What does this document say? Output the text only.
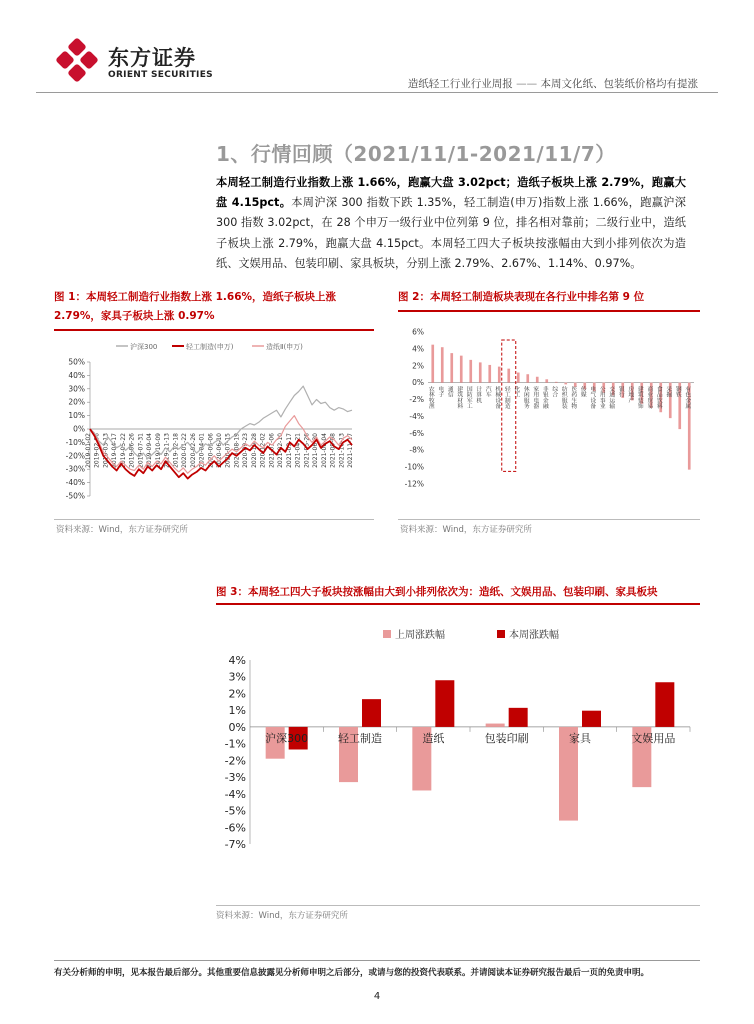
东方证券
ORIENT SECURITIES
造纸轻工行业行业周报 —— 本周文化纸、包装纸价格均有提涨
1、行情回顾（2021/11/1-2021/11/7）
本周轻工制造行业指数上涨 1.66%，跑赢大盘 3.02pct；造纸子板块上涨 2.79%，跑赢大盘 4.15pct。本周沪深 300 指数下跌 1.35%，轻工制造(申万)指数上涨 1.66%，跑赢沪深 300 指数 3.02pct，在 28 个申万一级行业中位列第 9 位，排名相对靠前；二级行业中，造纸子板块上涨 2.79%，跑赢大盘 4.15pct。本周轻工四大子板块按涨幅由大到小排列依次为造纸、文娱用品、包装印刷、家具板块，分别上涨 2.79%、2.67%、1.14%、0.97%。
图 1：本周轻工制造行业指数上涨 1.66%，造纸子板块上涨 2.79%，家具子板块上涨 0.97%
沪深300	轻工制造(申万)	造纸Ⅱ(申万)
50%
40%
30%
20%
10%
0%
-10%
-20%
-30%
-40%
-50%
2019-01-02 2019-02-06 2019-03-13 2019-04-17 2019-05-22 2019-06-26 2019-07-31 2019-09-04 2019-10-09 2019-11-13 2019-12-18 2020-01-22 2020-02-26 2020-04-01 2020-05-06 2020-06-10 2020-07-15 2020-08-19 2020-09-23 2020-10-28 2020-12-02 2021-01-06 2021-02-10 2021-03-17 2021-04-21 2021-05-26 2021-06-30 2021-08-04 2021-09-08 2021-10-13 2021-11-17
资料来源：Wind，东方证券研究所
图 2：本周轻工制造板块表现在各行业中排名第 9 位
6%
4%
2%
0%
-2%
-4%
-6%
-8%
-10%
-12%
农林牧渔 电子 通信 建筑材料 国防军工 计算机 汽车 机械设备 轻工制造 化工 休闲服务 家用电器 非银金融 综合 纺织服装 医药生物 传媒 电气设备 公用事业 交通运输 银行 房地产 建筑装饰 商业贸易 食品饮料 采掘 钢铁 有色金属
资料来源：Wind，东方证券研究所
图 3：本周轻工四大子板块按涨幅由大到小排列依次为：造纸、文娱用品、包装印刷、家具板块
上周涨跌幅	本周涨跌幅
4%
3%
2%
1%
0%
-1%
-2%
-3%
-4%
-5%
-6%
-7%
沪深300	轻工制造	造纸	包装印刷	家具	文娱用品
资料来源：Wind，东方证券研究所
有关分析师的申明，见本报告最后部分。其他重要信息披露见分析师申明之后部分，或请与您的投资代表联系。并请阅读本证券研究报告最后一页的免责申明。
4
